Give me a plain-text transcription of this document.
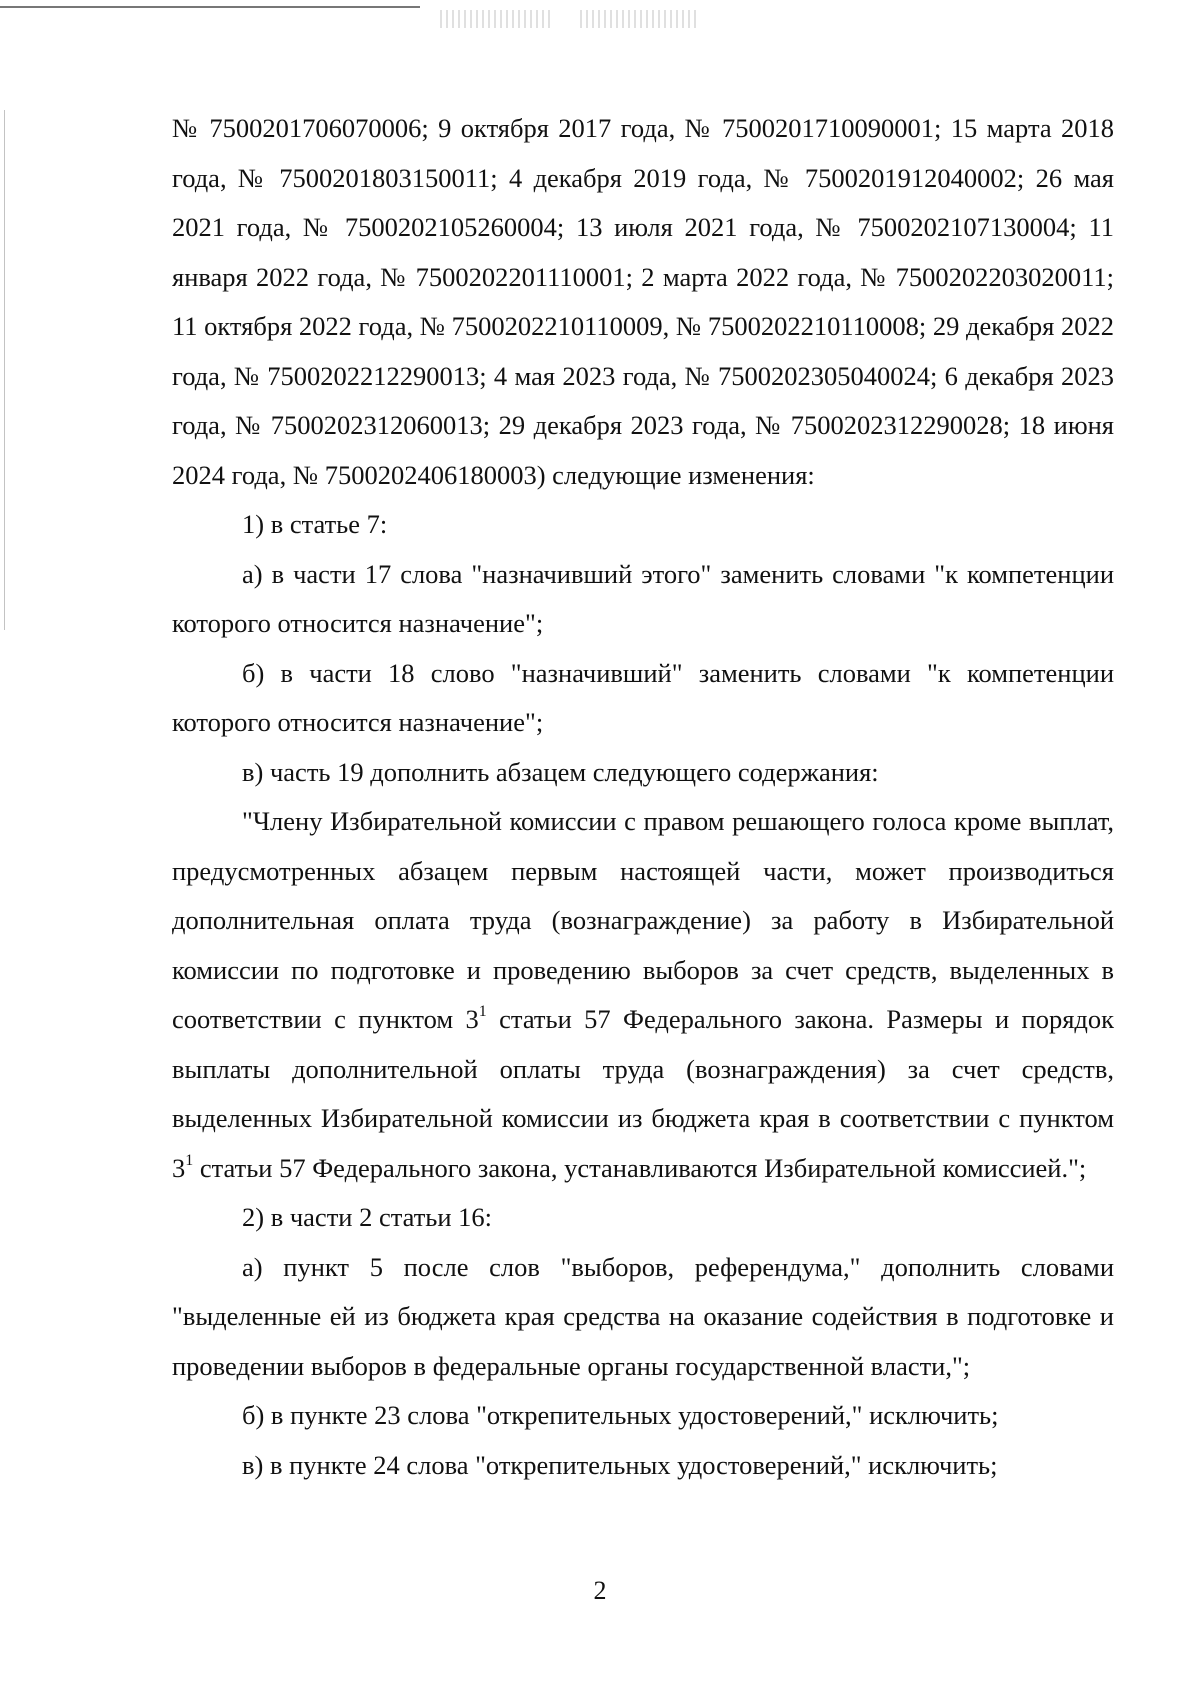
№ 7500201706070006; 9 октября 2017 года, № 7500201710090001; 15 марта 2018 года, № 7500201803150011; 4 декабря 2019 года, № 7500201912040002; 26 мая 2021 года, № 7500202105260004; 13 июля 2021 года, № 7500202107130004; 11 января 2022 года, № 7500202201110001; 2 марта 2022 года, № 7500202203020011; 11 октября 2022 года, № 7500202210110009, № 7500202210110008; 29 декабря 2022 года, № 7500202212290013; 4 мая 2023 года, № 7500202305040024; 6 декабря 2023 года, № 7500202312060013; 29 декабря 2023 года, № 7500202312290028; 18 июня 2024 года, № 7500202406180003) следующие изменения:

1) в статье 7:

а) в части 17 слова "назначивший этого" заменить словами "к компетенции которого относится назначение";

б) в части 18 слово "назначивший" заменить словами "к компетенции которого относится назначение";

в) часть 19 дополнить абзацем следующего содержания:

"Члену Избирательной комиссии с правом решающего голоса кроме выплат, предусмотренных абзацем первым настоящей части, может производиться дополнительная оплата труда (вознаграждение) за работу в Избирательной комиссии по подготовке и проведению выборов за счет средств, выделенных в соответствии с пунктом $3^1$ статьи 57 Федерального закона. Размеры и порядок выплаты дополнительной оплаты труда (вознаграждения) за счет средств, выделенных Избирательной комиссии из бюджета края в соответствии с пунктом $3^1$ статьи 57 Федерального закона, устанавливаются Избирательной комиссией.";

2) в части 2 статьи 16:

а) пункт 5 после слов "выборов, референдума," дополнить словами "выделенные ей из бюджета края средства на оказание содействия в подготовке и проведении выборов в федеральные органы государственной власти,";

б) в пункте 23 слова "открепительных удостоверений," исключить;

в) в пункте 24 слова "открепительных удостоверений," исключить;

2
